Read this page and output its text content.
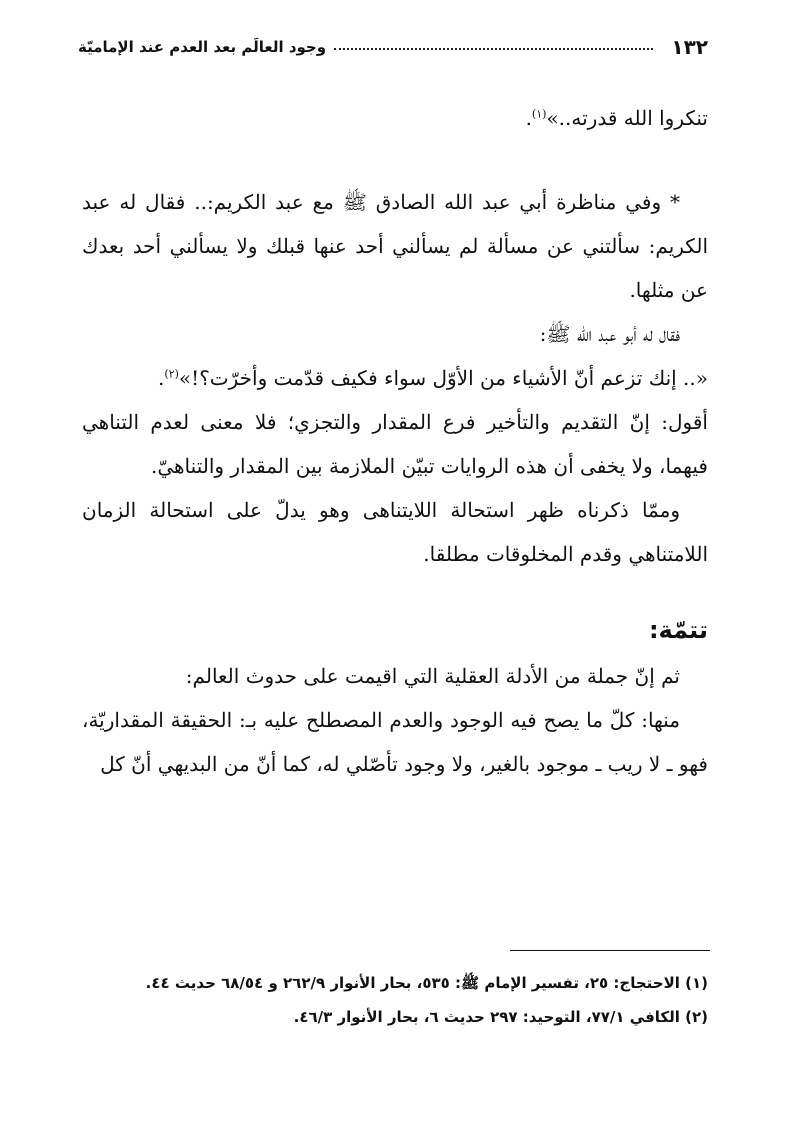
١٣٢
وجود العالَم بعد العدم عند الإماميّة

تنكروا الله قدرته..»$^{(١)}$.

* وفي مناظرة أبي عبد الله الصادق ﷺ مع عبد الكريم:.. فقال له عبد الكريم: سألتني عن مسألة لم يسألني أحد عنها قبلك ولا يسألني أحد بعدك عن مثلها.

فقال له أبو عبد الله ﷺ:

«.. إنك تزعم أنّ الأشياء من الأوّل سواء فكيف قدّمت وأخرّت؟!»$^{(٢)}$.

أقول: إنّ التقديم والتأخير فرع المقدار والتجزي؛ فلا معنى لعدم التناهي فيهما، ولا يخفى أن هذه الروايات تبيّن الملازمة بين المقدار والتناهيّ.

وممّا ذكرناه ظهر استحالة اللايتناهى وهو يدلّ على استحالة الزمان اللامتناهي وقدم المخلوقات مطلقا.

تتمّة:

ثم إنّ جملة من الأدلة العقلية التي اقيمت على حدوث العالم:

منها: كلّ ما يصح فيه الوجود والعدم المصطلح عليه بـ: الحقيقة المقداريّة، فهو ـ لا ريب ـ موجود بالغير، ولا وجود تأصّلي له، كما أنّ من البديهي أنّ كل

(١) الاحتجاج: ٢٥، تفسير الإمام ﷺ: ٥٣٥، بحار الأنوار ٢٦٢/٩ و ٦٨/٥٤ حديث ٤٤.

(٢) الكافي ٧٧/١، التوحيد: ٢٩٧ حديث ٦، بحار الأنوار ٤٦/٣.
